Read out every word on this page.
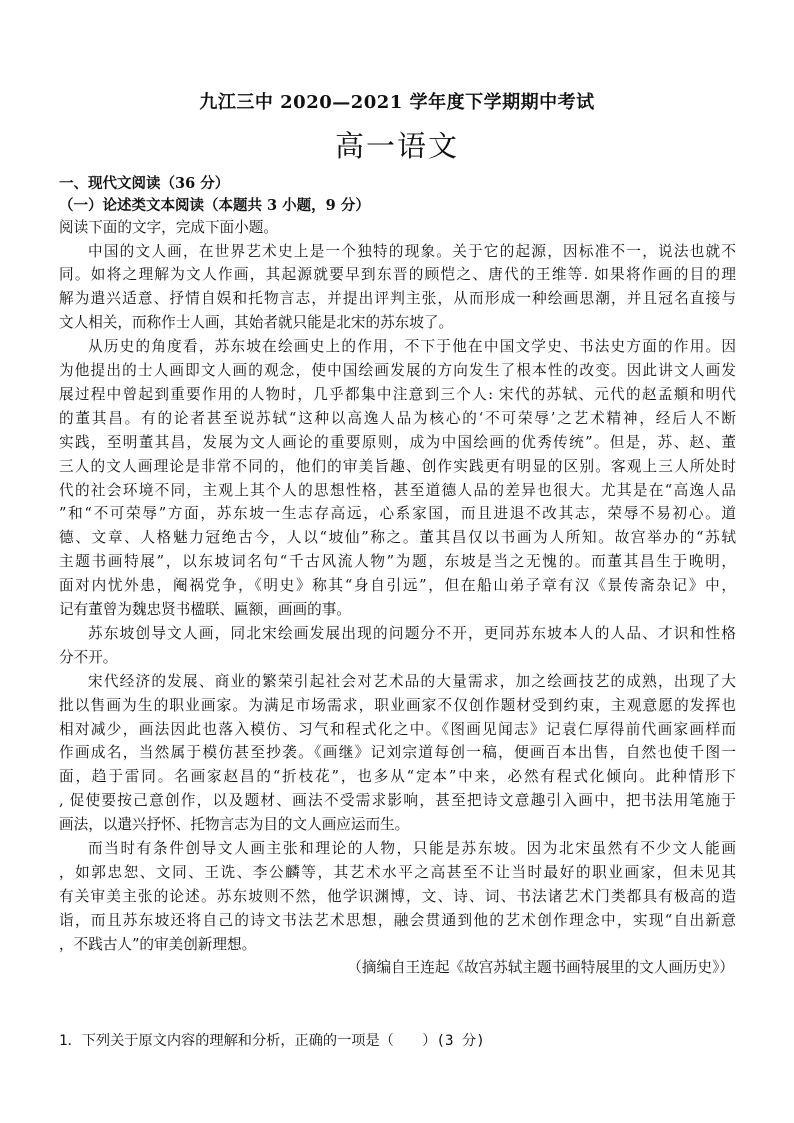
九江三中 2020—2021 学年度下学期期中考试
高一语文
一、现代文阅读（36 分）
（一）论述类文本阅读（本题共 3 小题，9 分）
阅读下面的文字，完成下面小题。
中国的文人画，在世界艺术史上是一个独特的现象。关于它的起源，因标准不一，说法也就不
同。如将之理解为文人作画，其起源就要早到东晋的顾恺之、唐代的王维等. 如果将作画的目的理
解为遣兴适意、抒情自娱和托物言志，并提出评判主张，从而形成一种绘画思潮，并且冠名直接与
文人相关，而称作士人画，其始者就只能是北宋的苏东坡了。
从历史的角度看，苏东坡在绘画史上的作用，不下于他在中国文学史、书法史方面的作用。因
为他提出的士人画即文人画的观念，使中国绘画发展的方向发生了根本性的改变。因此讲文人画发
展过程中曾起到重要作用的人物时，几乎都集中注意到三个人: 宋代的苏轼、元代的赵孟頫和明代
的董其昌。有的论者甚至说苏轼“这种以高逸人品为核心的‘不可荣辱’之艺术精神，经后人不断
实践，至明董其昌，发展为文人画论的重要原则，成为中国绘画的优秀传统”。但是，苏、赵、董
三人的文人画理论是非常不同的，他们的审美旨趣、创作实践更有明显的区别。客观上三人所处时
代的社会环境不同，主观上其个人的思想性格，甚至道德人品的差异也很大。尤其是在“高逸人品
”和“不可荣辱”方面，苏东坡一生志存高远，心系家国，而且进退不改其志，荣辱不易初心。道
德、文章、人格魅力冠绝古今，人以“坡仙”称之。董其昌仅以书画为人所知。故宫举办的“苏轼
主题书画特展”，以东坡词名句“千古风流人物”为题，东坡是当之无愧的。而董其昌生于晚明，
面对内忧外患，阉祸党争，《明史》称其“身自引远”，但在船山弟子章有汉《景传斋杂记》中，
记有董曾为魏忠贤书楹联、匾额，画画的事。
苏东坡创导文人画，同北宋绘画发展出现的问题分不开，更同苏东坡本人的人品、才识和性格
分不开。
宋代经济的发展、商业的繁荣引起社会对艺术品的大量需求，加之绘画技艺的成熟，出现了大
批以售画为生的职业画家。为满足市场需求，职业画家不仅创作题材受到约束，主观意愿的发挥也
相对减少，画法因此也落入模仿、习气和程式化之中。《图画见闻志》记袁仁厚得前代画家画样而
作画成名，当然属于模仿甚至抄袭。《画继》记刘宗道每创一稿，便画百本出售，自然也使千图一
面，趋于雷同。名画家赵昌的“折枝花”，也多从“定本”中来，必然有程式化倾向。此种情形下
, 促使要按己意创作，以及题材、画法不受需求影响，甚至把诗文意趣引入画中，把书法用笔施于
画法，以遣兴抒怀、托物言志为目的文人画应运而生。
而当时有条件创导文人画主张和理论的人物，只能是苏东坡。因为北宋虽然有不少文人能画
，如郭忠恕、文同、王诜、李公麟等，其艺术水平之高甚至不让当时最好的职业画家，但未见其
有关审美主张的论述。苏东坡则不然，他学识渊博，文、诗、词、书法诸艺术门类都具有极高的造
诣，而且苏东坡还将自己的诗文书法艺术思想，融会贯通到他的艺术创作理念中，实现“自出新意
，不践古人”的审美创新理想。
（摘编自王连起《故宫苏轼主题书画特展里的文人画历史》）
1．下列关于原文内容的理解和分析，正确的一项是（　　）(3 分)
